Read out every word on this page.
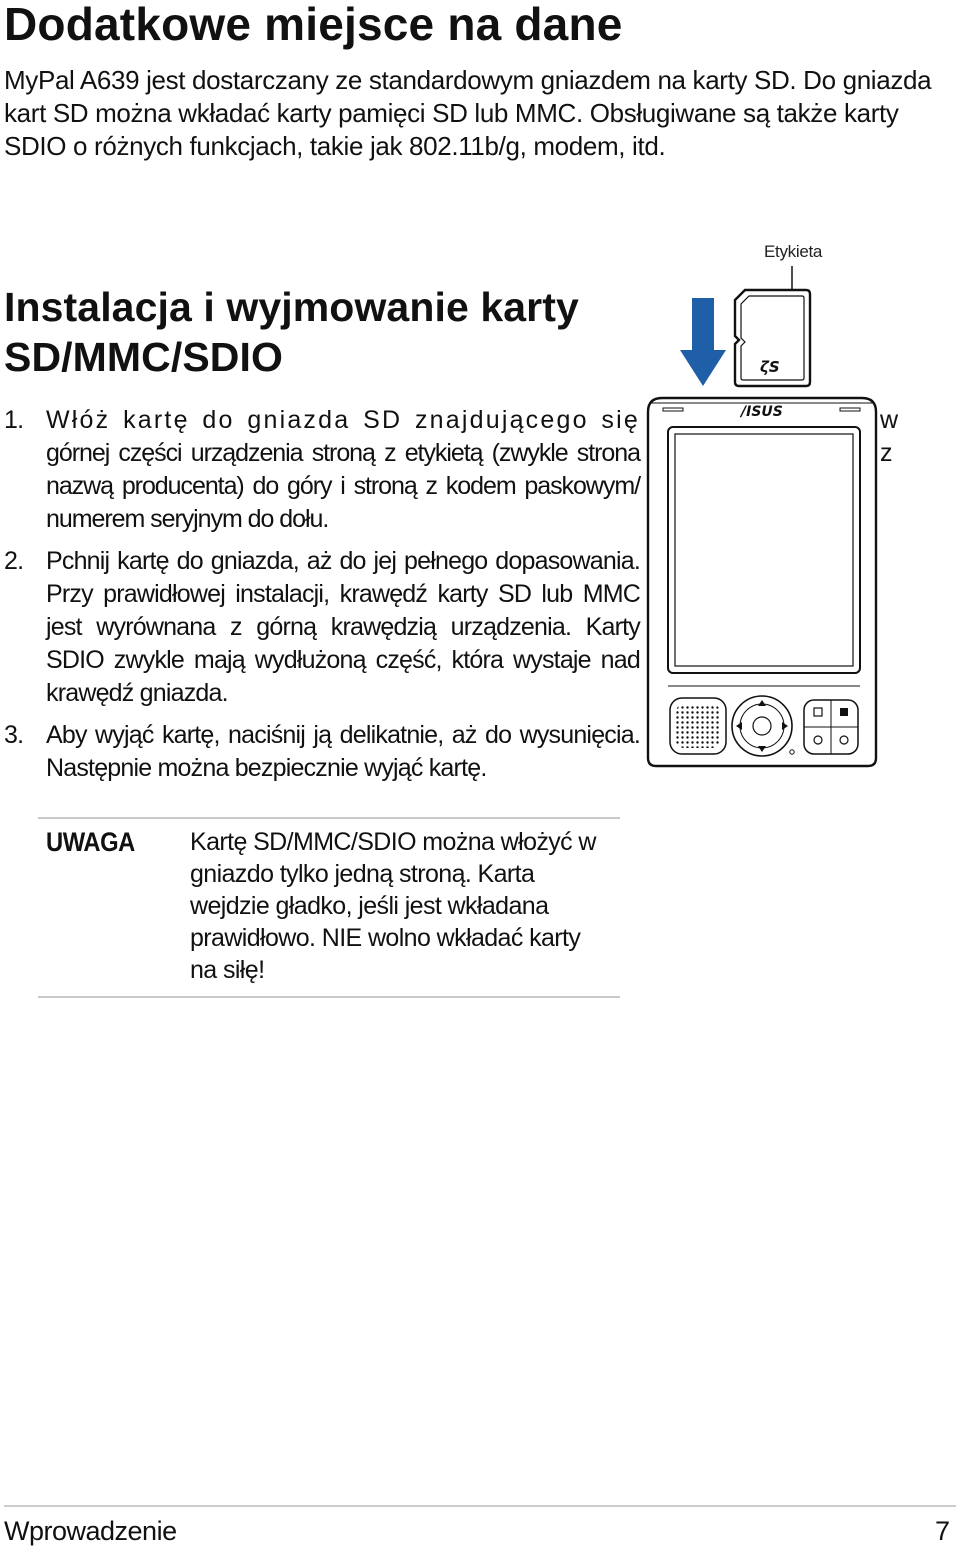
Dodatkowe miejsce na dane

MyPal A639 jest dostarczany ze standardowym gniazdem na karty SD. Do gniazda kart SD można wkładać karty pamięci SD lub MMC. Obsługiwane są także karty SDIO o różnych funkcjach, takie jak 802.11b/g, modem, itd.

Instalacja i wyjmowanie karty SD/MMC/SDIO
1. Włóż kartę do gniazda SD znajdującego się górnej części urządzenia stroną z etykietą (zwykle strona nazwą producenta) do góry i stroną z kodem paskowym/ numerem seryjnym do dołu.
2. Pchnij kartę do gniazda, aż do jej pełnego dopasowania. Przy prawidłowej instalacji, krawędź karty SD lub MMC jest wyrównana z górną krawędzią urządzenia. Karty SDIO zwykle mają wydłużoną część, która wystaje nad krawędź gniazda.
3. Aby wyjąć kartę, naciśnij ją delikatnie, aż do wysunięcia. Następnie można bezpiecznie wyjąć kartę.
w
z
Etykieta
ζS
/ISUS
UWAGA Kartę SD/MMC/SDIO można włożyć w gniazdo tylko jedną stroną. Karta wejdzie gładko, jeśli jest wkładana prawidłowo. NIE wolno wkładać karty na siłę!

Wprowadzenie	7
